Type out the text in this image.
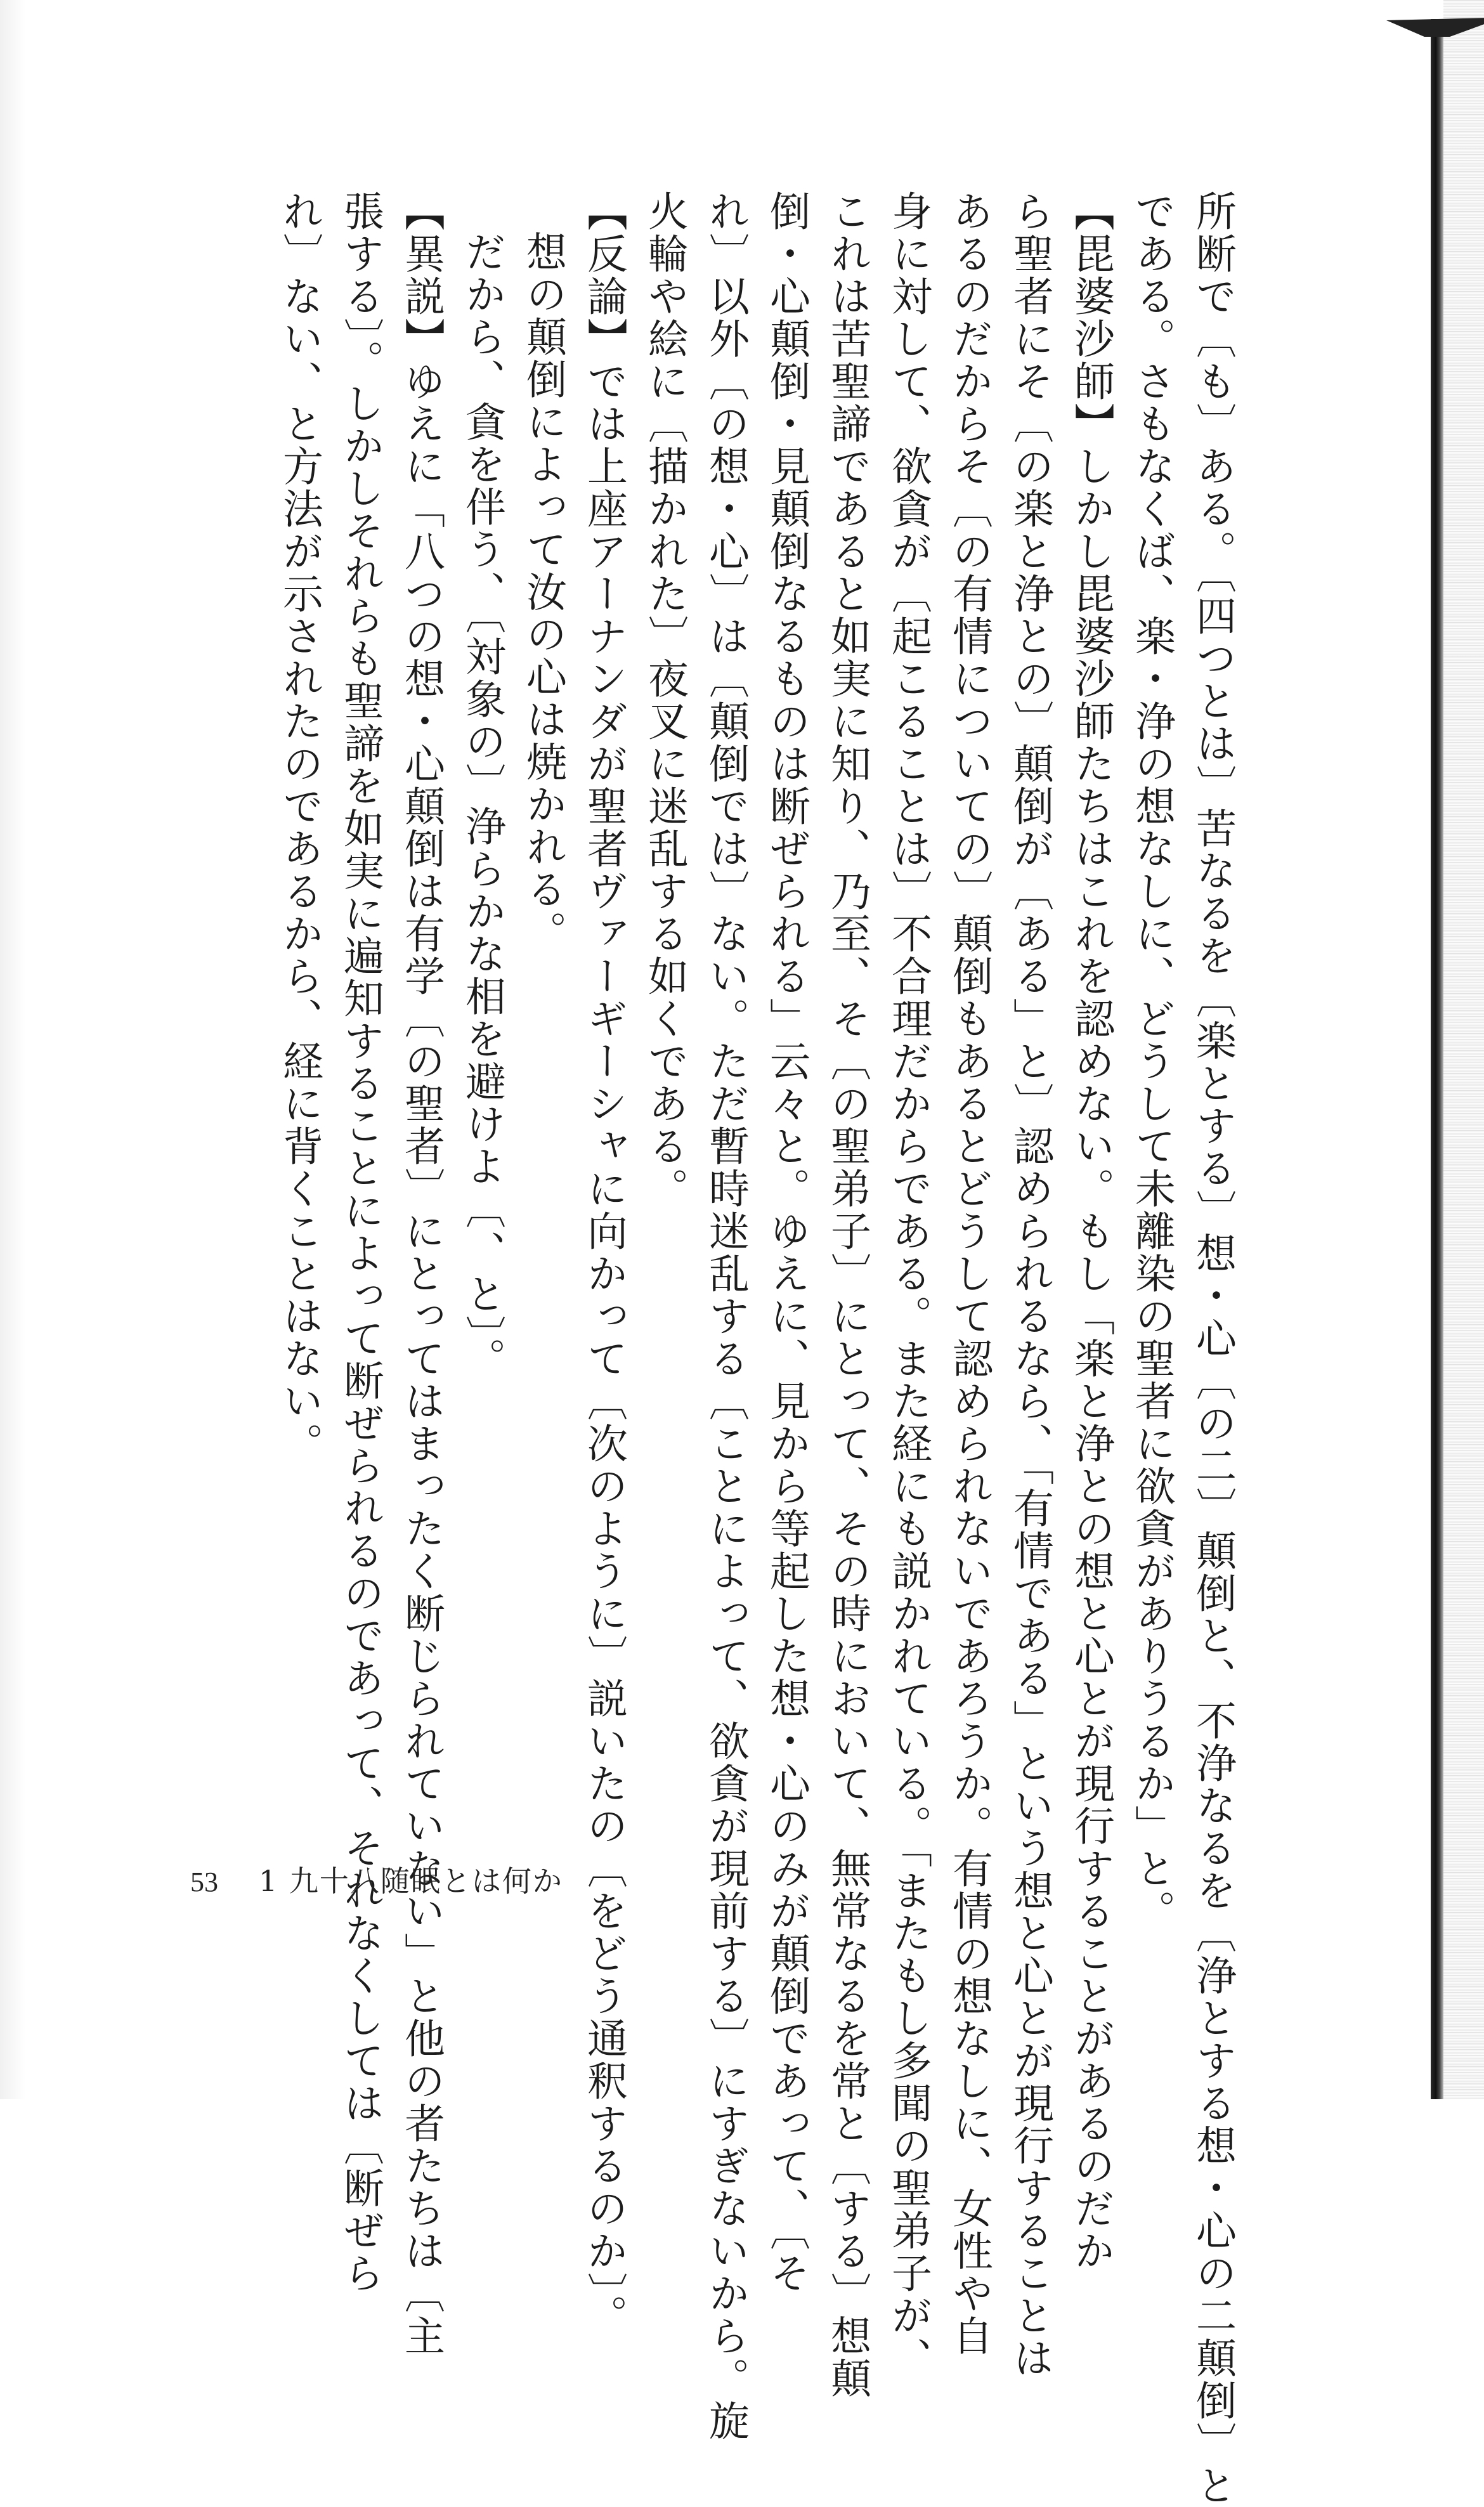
所断で〔も〕ある。〔四つとは〕苦なるを〔楽とする〕想・心〔の二〕顛倒と、不浄なるを〔浄とする想・心の二顛倒〕と
である。さもなくば、楽・浄の想なしに、どうして未離染の聖者に欲貪がありうるか」と。
【毘婆沙師】しかし毘婆沙師たちはこれを認めない。もし「楽と浄との想と心とが現行することがあるのだか
ら聖者にそ〔の楽と浄との〕顛倒が〔ある」と〕認められるなら、「有情である」という想と心とが現行することは
あるのだからそ〔の有情についての〕顛倒もあるとどうして認められないであろうか。有情の想なしに、女性や自
身に対して、欲貪が〔起こることは〕不合理だからである。また経にも説かれている。「またもし多聞の聖弟子が、
これは苦聖諦であると如実に知り、乃至、そ〔の聖弟子〕にとって、その時において、無常なるを常と〔する〕想顛
倒・心顛倒・見顛倒なるものは断ぜられる」云々と。ゆえに、見から等起した想・心のみが顛倒であって、〔そ
れ〕以外〔の想・心〕は〔顛倒では〕ない。ただ暫時迷乱する〔ことによって、欲貪が現前する〕にすぎないから。旋
火輪や絵に〔描かれた〕夜叉に迷乱する如くである。
【反論】では上座アーナンダが聖者ヴァーギーシャに向かって〔次のように〕説いたの〔をどう通釈するのか〕。
想の顛倒によって汝の心は焼かれる。
だから、貪を伴う、〔対象の〕浄らかな相を避けよ〔、と〕。
【異説】ゆえに「八つの想・心顛倒は有学〔の聖者〕にとってはまったく断じられていない」と他の者たちは〔主
張する〕。しかしそれらも聖諦を如実に遍知することによって断ぜられるのであって、それなくしては〔断ぜら
れ〕ない、と方法が示されたのであるから、経に背くことはない。
53 1 九十八随眠とは何か
